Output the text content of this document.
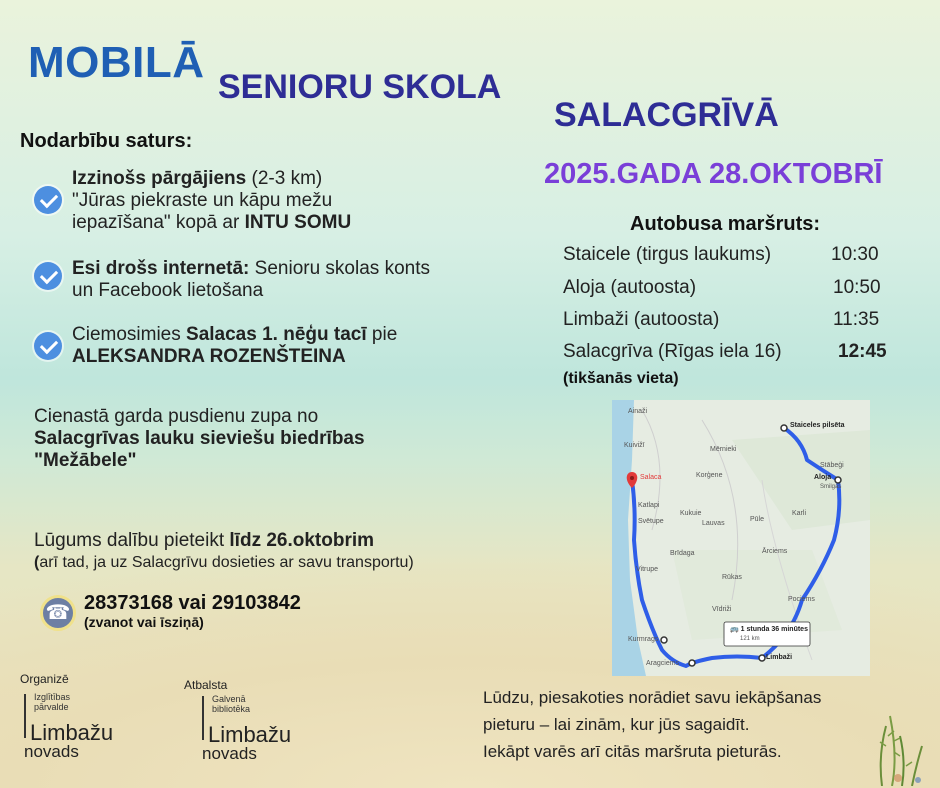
MOBILĀ SENIORU SKOLA
SALACGRĪVĀ
2025.GADA 28.OKTOBRĪ
Nodarbību saturs:
Izzinošs pārgājiens (2-3 km)
"Jūras piekraste un kāpu mežu
iepazīšana" kopā ar INTU SOMU
Esi drošs internetā: Senioru skolas konts
un Facebook lietošana
Ciemosimies Salacas 1. nēģu tacī pie
ALEKSANDRA ROZENŠTEINA
Cienastā garda pusdienu zupa no
Salacgrīvas lauku sieviešu biedrības
"Mežābele"
Lūgums dalību pieteikt līdz 26.oktobrim
(arī tad, ja uz Salacgrīvu dosieties ar savu transportu)
☎ 28373168 vai 29103842
(zvanot vai īsziņā)
Autobusa maršruts:
Staicele (tirgus laukums)	10:30
Aloja (autoosta)	10:50
Limbaži (autoosta)	11:35
Salacgrīva (Rīgas iela 16)	12:45
(tikšanās vieta)
Ainaži
Staiceles pilsēta
Kuivižī
Mērnieki
Stābeģi
Salaca	Korģene	Aloja
Smilgas
Katlapi
Kukuie
Lauvas
Pūle
Svētupe
Karli
Brīdaga	Ārciems
Vitrupe
Rūkas
Pociems
Vīdriži
Kurmrags
Aragciems
Limbaži
🚌 1 stunda 36 minūtes
121 km
Lūdzu, piesakoties norādiet savu iekāpšanas
pieturu – lai zinām, kur jūs sagaidīt.
Iekāpt varēs arī citās maršruta pieturās.
Organizē
Izglītības
pārvalde
Limbažu
novads
Atbalsta
Galvenā
bibliotēka
Limbažu
novads
